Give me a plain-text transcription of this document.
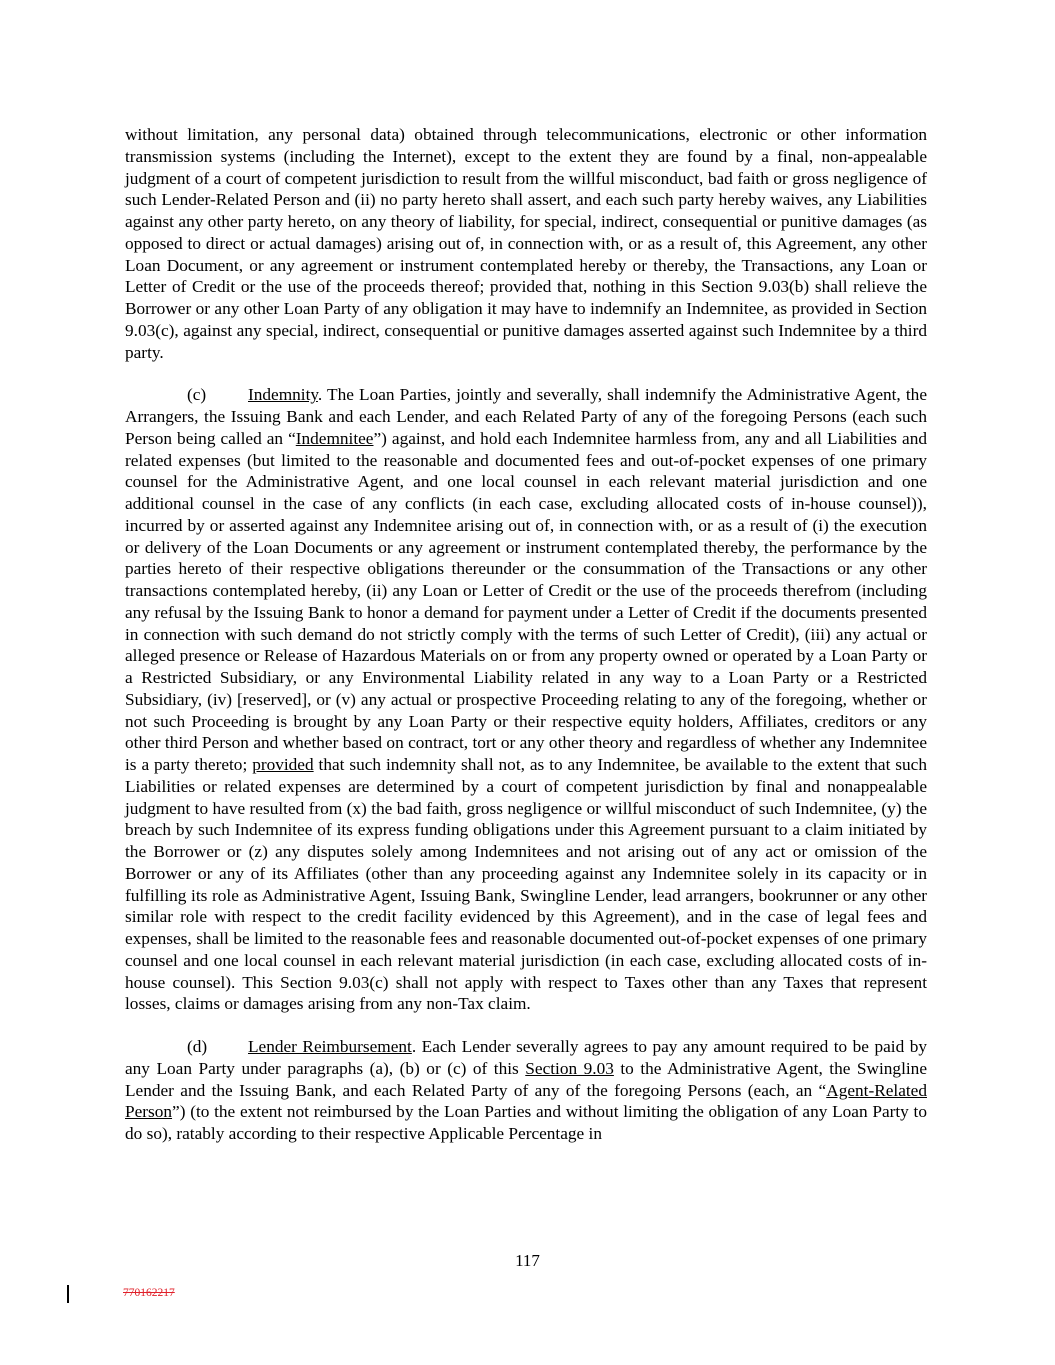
without limitation, any personal data) obtained through telecommunications, electronic or other information transmission systems (including the Internet), except to the extent they are found by a final, non-appealable judgment of a court of competent jurisdiction to result from the willful misconduct, bad faith or gross negligence of such Lender-Related Person and (ii) no party hereto shall assert, and each such party hereby waives, any Liabilities against any other party hereto, on any theory of liability, for special, indirect, consequential or punitive damages (as opposed to direct or actual damages) arising out of, in connection with, or as a result of, this Agreement, any other Loan Document, or any agreement or instrument contemplated hereby or thereby, the Transactions, any Loan or Letter of Credit or the use of the proceeds thereof; provided that, nothing in this Section 9.03(b) shall relieve the Borrower or any other Loan Party of any obligation it may have to indemnify an Indemnitee, as provided in Section 9.03(c), against any special, indirect, consequential or punitive damages asserted against such Indemnitee by a third party.

(c) Indemnity. The Loan Parties, jointly and severally, shall indemnify the Administrative Agent, the Arrangers, the Issuing Bank and each Lender, and each Related Party of any of the foregoing Persons (each such Person being called an “Indemnitee”) against, and hold each Indemnitee harmless from, any and all Liabilities and related expenses (but limited to the reasonable and documented fees and out-of-pocket expenses of one primary counsel for the Administrative Agent, and one local counsel in each relevant material jurisdiction and one additional counsel in the case of any conflicts (in each case, excluding allocated costs of in-house counsel)), incurred by or asserted against any Indemnitee arising out of, in connection with, or as a result of (i) the execution or delivery of the Loan Documents or any agreement or instrument contemplated thereby, the performance by the parties hereto of their respective obligations thereunder or the consummation of the Transactions or any other transactions contemplated hereby, (ii) any Loan or Letter of Credit or the use of the proceeds therefrom (including any refusal by the Issuing Bank to honor a demand for payment under a Letter of Credit if the documents presented in connection with such demand do not strictly comply with the terms of such Letter of Credit), (iii) any actual or alleged presence or Release of Hazardous Materials on or from any property owned or operated by a Loan Party or a Restricted Subsidiary, or any Environmental Liability related in any way to a Loan Party or a Restricted Subsidiary, (iv) [reserved], or (v) any actual or prospective Proceeding relating to any of the foregoing, whether or not such Proceeding is brought by any Loan Party or their respective equity holders, Affiliates, creditors or any other third Person and whether based on contract, tort or any other theory and regardless of whether any Indemnitee is a party thereto; provided that such indemnity shall not, as to any Indemnitee, be available to the extent that such Liabilities or related expenses are determined by a court of competent jurisdiction by final and nonappealable judgment to have resulted from (x) the bad faith, gross negligence or willful misconduct of such Indemnitee, (y) the breach by such Indemnitee of its express funding obligations under this Agreement pursuant to a claim initiated by the Borrower or (z) any disputes solely among Indemnitees and not arising out of any act or omission of the Borrower or any of its Affiliates (other than any proceeding against any Indemnitee solely in its capacity or in fulfilling its role as Administrative Agent, Issuing Bank, Swingline Lender, lead arrangers, bookrunner or any other similar role with respect to the credit facility evidenced by this Agreement), and in the case of legal fees and expenses, shall be limited to the reasonable fees and reasonable documented out-of-pocket expenses of one primary counsel and one local counsel in each relevant material jurisdiction (in each case, excluding allocated costs of in-house counsel). This Section 9.03(c) shall not apply with respect to Taxes other than any Taxes that represent losses, claims or damages arising from any non-Tax claim.

(d) Lender Reimbursement. Each Lender severally agrees to pay any amount required to be paid by any Loan Party under paragraphs (a), (b) or (c) of this Section 9.03 to the Administrative Agent, the Swingline Lender and the Issuing Bank, and each Related Party of any of the foregoing Persons (each, an “Agent-Related Person”) (to the extent not reimbursed by the Loan Parties and without limiting the obligation of any Loan Party to do so), ratably according to their respective Applicable Percentage in

117
770162217
